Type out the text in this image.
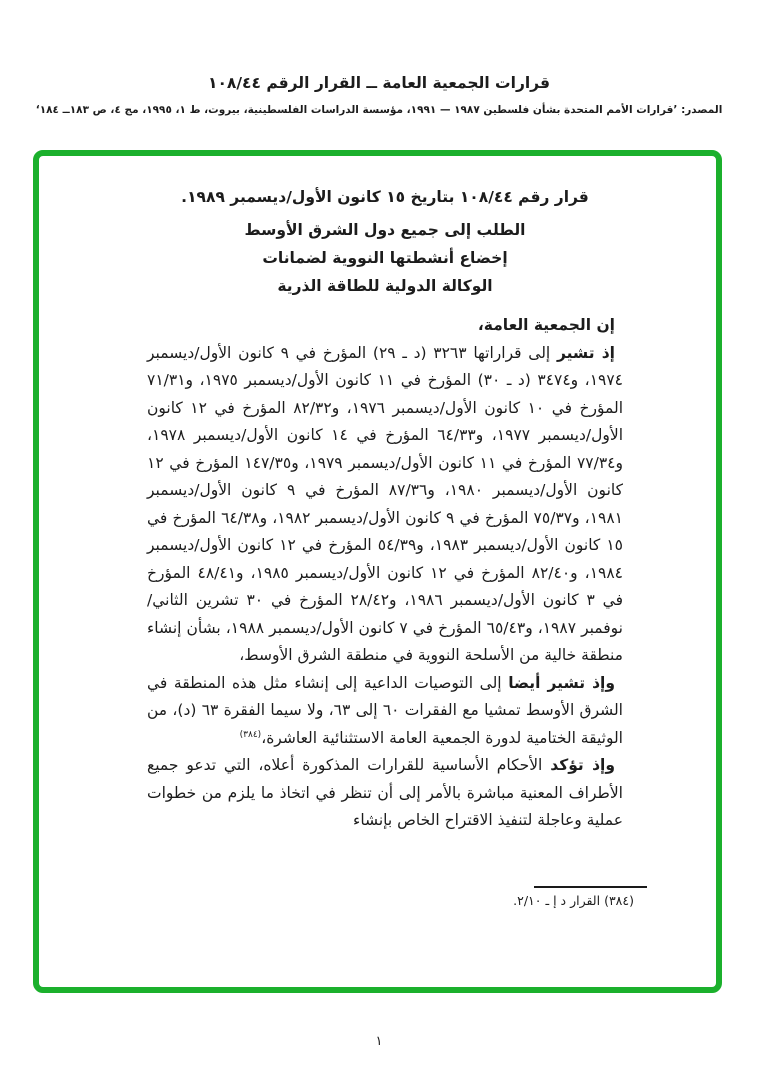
قرارات الجمعية العامة ــ القرار الرقم ١٠٨/٤٤
المصدر: ’قرارات الأمم المتحدة بشأن فلسطين ١٩٨٧ — ١٩٩١، مؤسسة الدراسات الفلسطينية، بيروت، ط ١، ١٩٩٥، مج ٤، ص ١٨٣ــ ١٨٤‘

قرار رقم ١٠٨/٤٤ بتاريخ ١٥ كانون الأول/ديسمبر ١٩٨٩.

الطلب إلى جميع دول الشرق الأوسط

إخضاع أنشطتها النووية لضمانات

الوكالة الدولية للطاقة الذرية

إن الجمعية العامة،

إذ تشير إلى قراراتها ٣٢٦٣ (د ـ ٢٩) المؤرخ في ٩ كانون الأول/ديسمبر ١٩٧٤، و٣٤٧٤ (د ـ ٣٠) المؤرخ في ١١ كانون الأول/ديسمبر ١٩٧٥، و٧١/٣١ المؤرخ في ١٠ كانون الأول/ديسمبر ١٩٧٦، و٨٢/٣٢ المؤرخ في ١٢ كانون الأول/ديسمبر ١٩٧٧، و٦٤/٣٣ المؤرخ في ١٤ كانون الأول/ديسمبر ١٩٧٨، و٧٧/٣٤ المؤرخ في ١١ كانون الأول/ديسمبر ١٩٧٩، و١٤٧/٣٥ المؤرخ في ١٢ كانون الأول/ديسمبر ١٩٨٠، و٨٧/٣٦ المؤرخ في ٩ كانون الأول/ديسمبر ١٩٨١، و٧٥/٣٧ المؤرخ في ٩ كانون الأول/ديسمبر ١٩٨٢، و٦٤/٣٨ المؤرخ في ١٥ كانون الأول/ديسمبر ١٩٨٣، و٥٤/٣٩ المؤرخ في ١٢ كانون الأول/ديسمبر ١٩٨٤، و٨٢/٤٠ المؤرخ في ١٢ كانون الأول/ديسمبر ١٩٨٥، و٤٨/٤١ المؤرخ في ٣ كانون الأول/ديسمبر ١٩٨٦، و٢٨/٤٢ المؤرخ في ٣٠ تشرين الثاني/نوفمبر ١٩٨٧، و٦٥/٤٣ المؤرخ في ٧ كانون الأول/ديسمبر ١٩٨٨، بشأن إنشاء منطقة خالية من الأسلحة النووية في منطقة الشرق الأوسط،

وإذ تشير أيضا إلى التوصيات الداعية إلى إنشاء مثل هذه المنطقة في الشرق الأوسط تمشيا مع الفقرات ٦٠ إلى ٦٣، ولا سيما الفقرة ٦٣ (د)، من الوثيقة الختامية لدورة الجمعية العامة الاستثنائية العاشرة،$^{(٣٨٤)}$

وإذ تؤكد الأحكام الأساسية للقرارات المذكورة أعلاه، التي تدعو جميع الأطراف المعنية مباشرة بالأمر إلى أن تنظر في اتخاذ ما يلزم من خطوات عملية وعاجلة لتنفيذ الاقتراح الخاص بإنشاء

(٣٨٤) القرار د إ ـ ٢/١٠.
١
